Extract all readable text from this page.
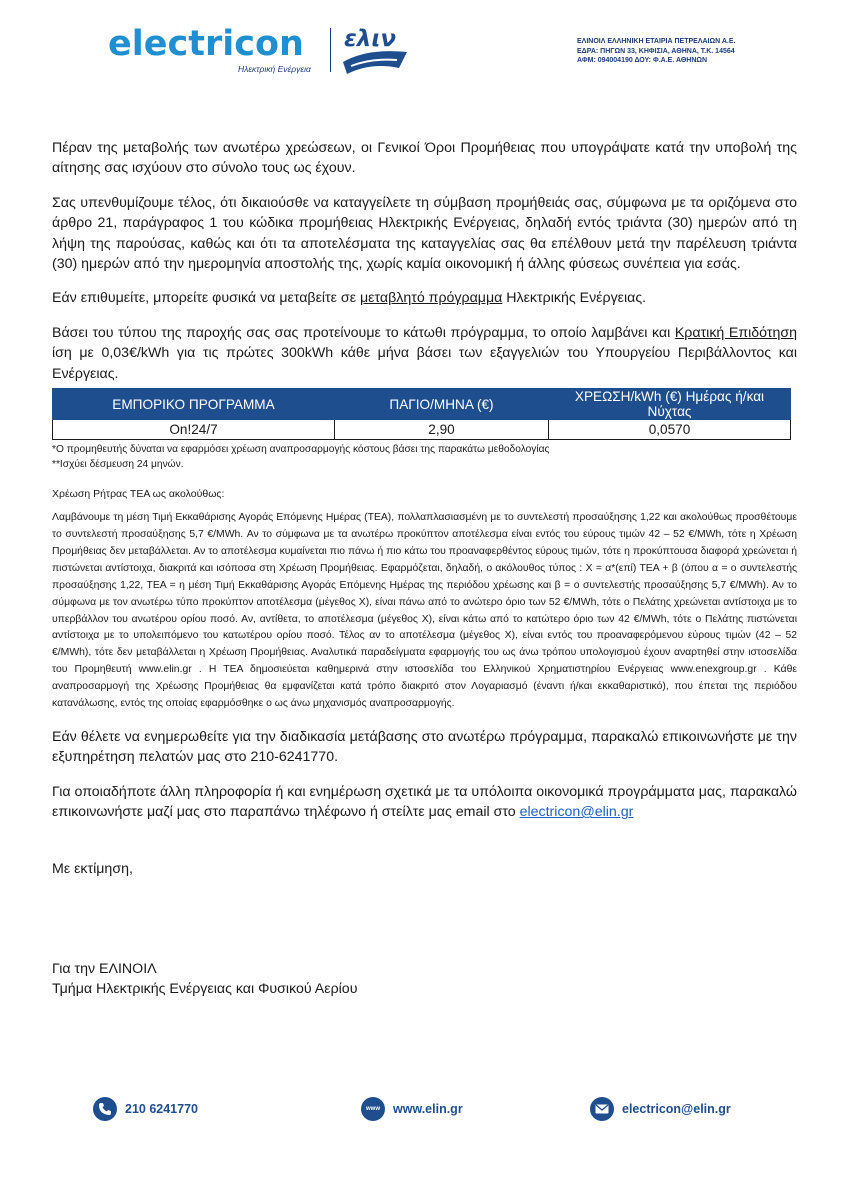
electricon
Ηλεκτρική Ενέργεια
ελιν	ΕΛΙΝΟΙΛ ΕΛΛΗΝΙΚΗ ΕΤΑΙΡΙΑ ΠΕΤΡΕΛΑΙΩΝ Α.Ε.
ΕΔΡΑ: ΠΗΓΩΝ 33, ΚΗΦΙΣΙΑ, ΑΘΗΝΑ, Τ.Κ. 14564
ΑΦΜ: 094004190 ΔΟΥ: Φ.Α.Ε. ΑΘΗΝΩΝ

Πέραν της μεταβολής των ανωτέρω χρεώσεων, οι Γενικοί Όροι Προμήθειας που υπογράψατε κατά την υποβολή της αίτησης σας ισχύουν στο σύνολο τους ως έχουν.

Σας υπενθυμίζουμε τέλος, ότι δικαιούσθε να καταγγείλετε τη σύμβαση προμήθειάς σας, σύμφωνα με τα οριζόμενα στο άρθρο 21, παράγραφος 1 του κώδικα προμήθειας Ηλεκτρικής Ενέργειας, δηλαδή εντός τριάντα (30) ημερών από τη λήψη της παρούσας, καθώς και ότι τα αποτελέσματα της καταγγελίας σας θα επέλθουν μετά την παρέλευση τριάντα (30) ημερών από την ημερομηνία αποστολής της, χωρίς καμία οικονομική ή άλλης φύσεως συνέπεια για εσάς.

Εάν επιθυμείτε, μπορείτε φυσικά να μεταβείτε σε μεταβλητό πρόγραμμα Ηλεκτρικής Ενέργειας.

Βάσει του τύπου της παροχής σας σας προτείνουμε το κάτωθι πρόγραμμα, το οποίο λαμβάνει και Κρατική Επιδότηση ίση με 0,03€/kWh για τις πρώτες 300kWh κάθε μήνα βάσει των εξαγγελιών του Υπουργείου Περιβάλλοντος και Ενέργειας.

ΕΜΠΟΡΙΚΟ ΠΡΟΓΡΑΜΜΑ	ΠΑΓΙΟ/ΜΗΝΑ (€)	ΧΡΕΩΣΗ/kWh (€) Ημέρας ή/και Νύχτας
On!24/7	2,90	0,0570
*Ο προμηθευτής δύναται να εφαρμόσει χρέωση αναπροσαρμογής κόστους βάσει της παρακάτω μεθοδολογίας
**Ισχύει δέσμευση 24 μηνών.
Χρέωση Ρήτρας ΤΕΑ ως ακολούθως:
Λαμβάνουμε τη μέση Τιμή Εκκαθάρισης Αγοράς Επόμενης Ημέρας (ΤΕΑ), πολλαπλασιασμένη με το συντελεστή προσαύξησης 1,22 και ακολούθως προσθέτουμε το συντελεστή προσαύξησης 5,7 €/MWh. Αν το σύμφωνα με τα ανωτέρω προκύπτον αποτέλεσμα είναι εντός του εύρους τιμών 42 – 52 €/MWh, τότε η Χρέωση Προμήθειας δεν μεταβάλλεται. Αν το αποτέλεσμα κυμαίνεται πιο πάνω ή πιο κάτω του προαναφερθέντος εύρους τιμών, τότε η προκύπτουσα διαφορά χρεώνεται ή πιστώνεται αντίστοιχα, διακριτά και ισόποσα στη Χρέωση Προμήθειας. Εφαρμόζεται, δηλαδή, ο ακόλουθος τύπος : X = α*(επί) ΤΕΑ + β (όπου α = ο συντελεστής προσαύξησης 1,22, ΤΕΑ = η μέση Τιμή Εκκαθάρισης Αγοράς Επόμενης Ημέρας της περιόδου χρέωσης και β = ο συντελεστής προσαύξησης 5,7 €/MWh). Αν το σύμφωνα με τον ανωτέρω τύπο προκύπτον αποτέλεσμα (μέγεθος X), είναι πάνω από το ανώτερο όριο των 52 €/MWh, τότε ο Πελάτης χρεώνεται αντίστοιχα με το υπερβάλλον του ανωτέρου ορίου ποσό. Αν, αντίθετα, το αποτέλεσμα (μέγεθος X), είναι κάτω από το κατώτερο όριο των 42 €/MWh, τότε ο Πελάτης πιστώνεται αντίστοιχα με το υπολειπόμενο του κατωτέρου ορίου ποσό. Τέλος αν το αποτέλεσμα (μέγεθος X), είναι εντός του προαναφερόμενου εύρους τιμών (42 – 52 €/MWh), τότε δεν μεταβάλλεται η Χρέωση Προμήθειας. Αναλυτικά παραδείγματα εφαρμογής του ως άνω τρόπου υπολογισμού έχουν αναρτηθεί στην ιστοσελίδα του Προμηθευτή www.elin.gr . Η ΤΕΑ δημοσιεύεται καθημερινά στην ιστοσελίδα του Ελληνικού Χρηματιστηρίου Ενέργειας www.enexgroup.gr . Κάθε αναπροσαρμογή της Χρέωσης Προμήθειας θα εμφανίζεται κατά τρόπο διακριτό στον Λογαριασμό (έναντι ή/και εκκαθαριστικό), που έπεται της περιόδου κατανάλωσης, εντός της οποίας εφαρμόσθηκε ο ως άνω μηχανισμός αναπροσαρμογής.

Εάν θέλετε να ενημερωθείτε για την διαδικασία μετάβασης στο ανωτέρω πρόγραμμα, παρακαλώ επικοινωνήστε με την εξυπηρέτηση πελατών μας στο 210-6241770.

Για οποιαδήποτε άλλη πληροφορία ή και ενημέρωση σχετικά με τα υπόλοιπα οικονομικά προγράμματα μας, παρακαλώ επικοινωνήστε μαζί μας στο παραπάνω τηλέφωνο ή στείλτε μας email στο electricon@elin.gr

Με εκτίμηση,
Για την ΕΛΙΝΟΙΛ
Τμήμα Ηλεκτρικής Ενέργειας και Φυσικού Αερίου
210 6241770	www www.elin.gr	electricon@elin.gr
